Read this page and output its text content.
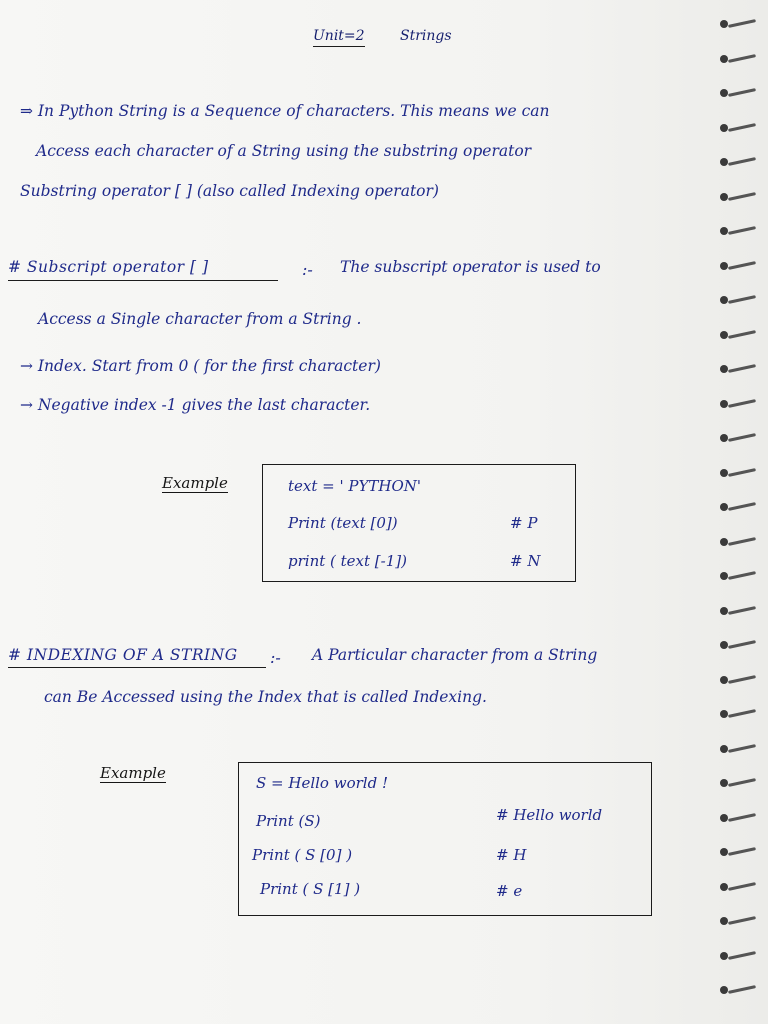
Unit=2	Strings
⇒ In Python String is a Sequence of characters. This means we can
Access each character of a String using the substring operator
Substring operator [ ] (also called Indexing operator)
# Subscript operator [ ]	:- The subscript operator is used to
Access a Single character from a String .
→ Index. Start from 0 ( for the first character)
→ Negative index -1 gives the last character.
Example	text = ' PYTHON'
Print (text [0])	# P
print ( text [-1])	# N
# INDEXING OF A STRING	:- A Particular character from a String
can Be Accessed using the Index that is called Indexing.
Example
S = Hello world !
Print (S)	# Hello world
Print ( S [0] )	# H
Print ( S [1] )	# e
